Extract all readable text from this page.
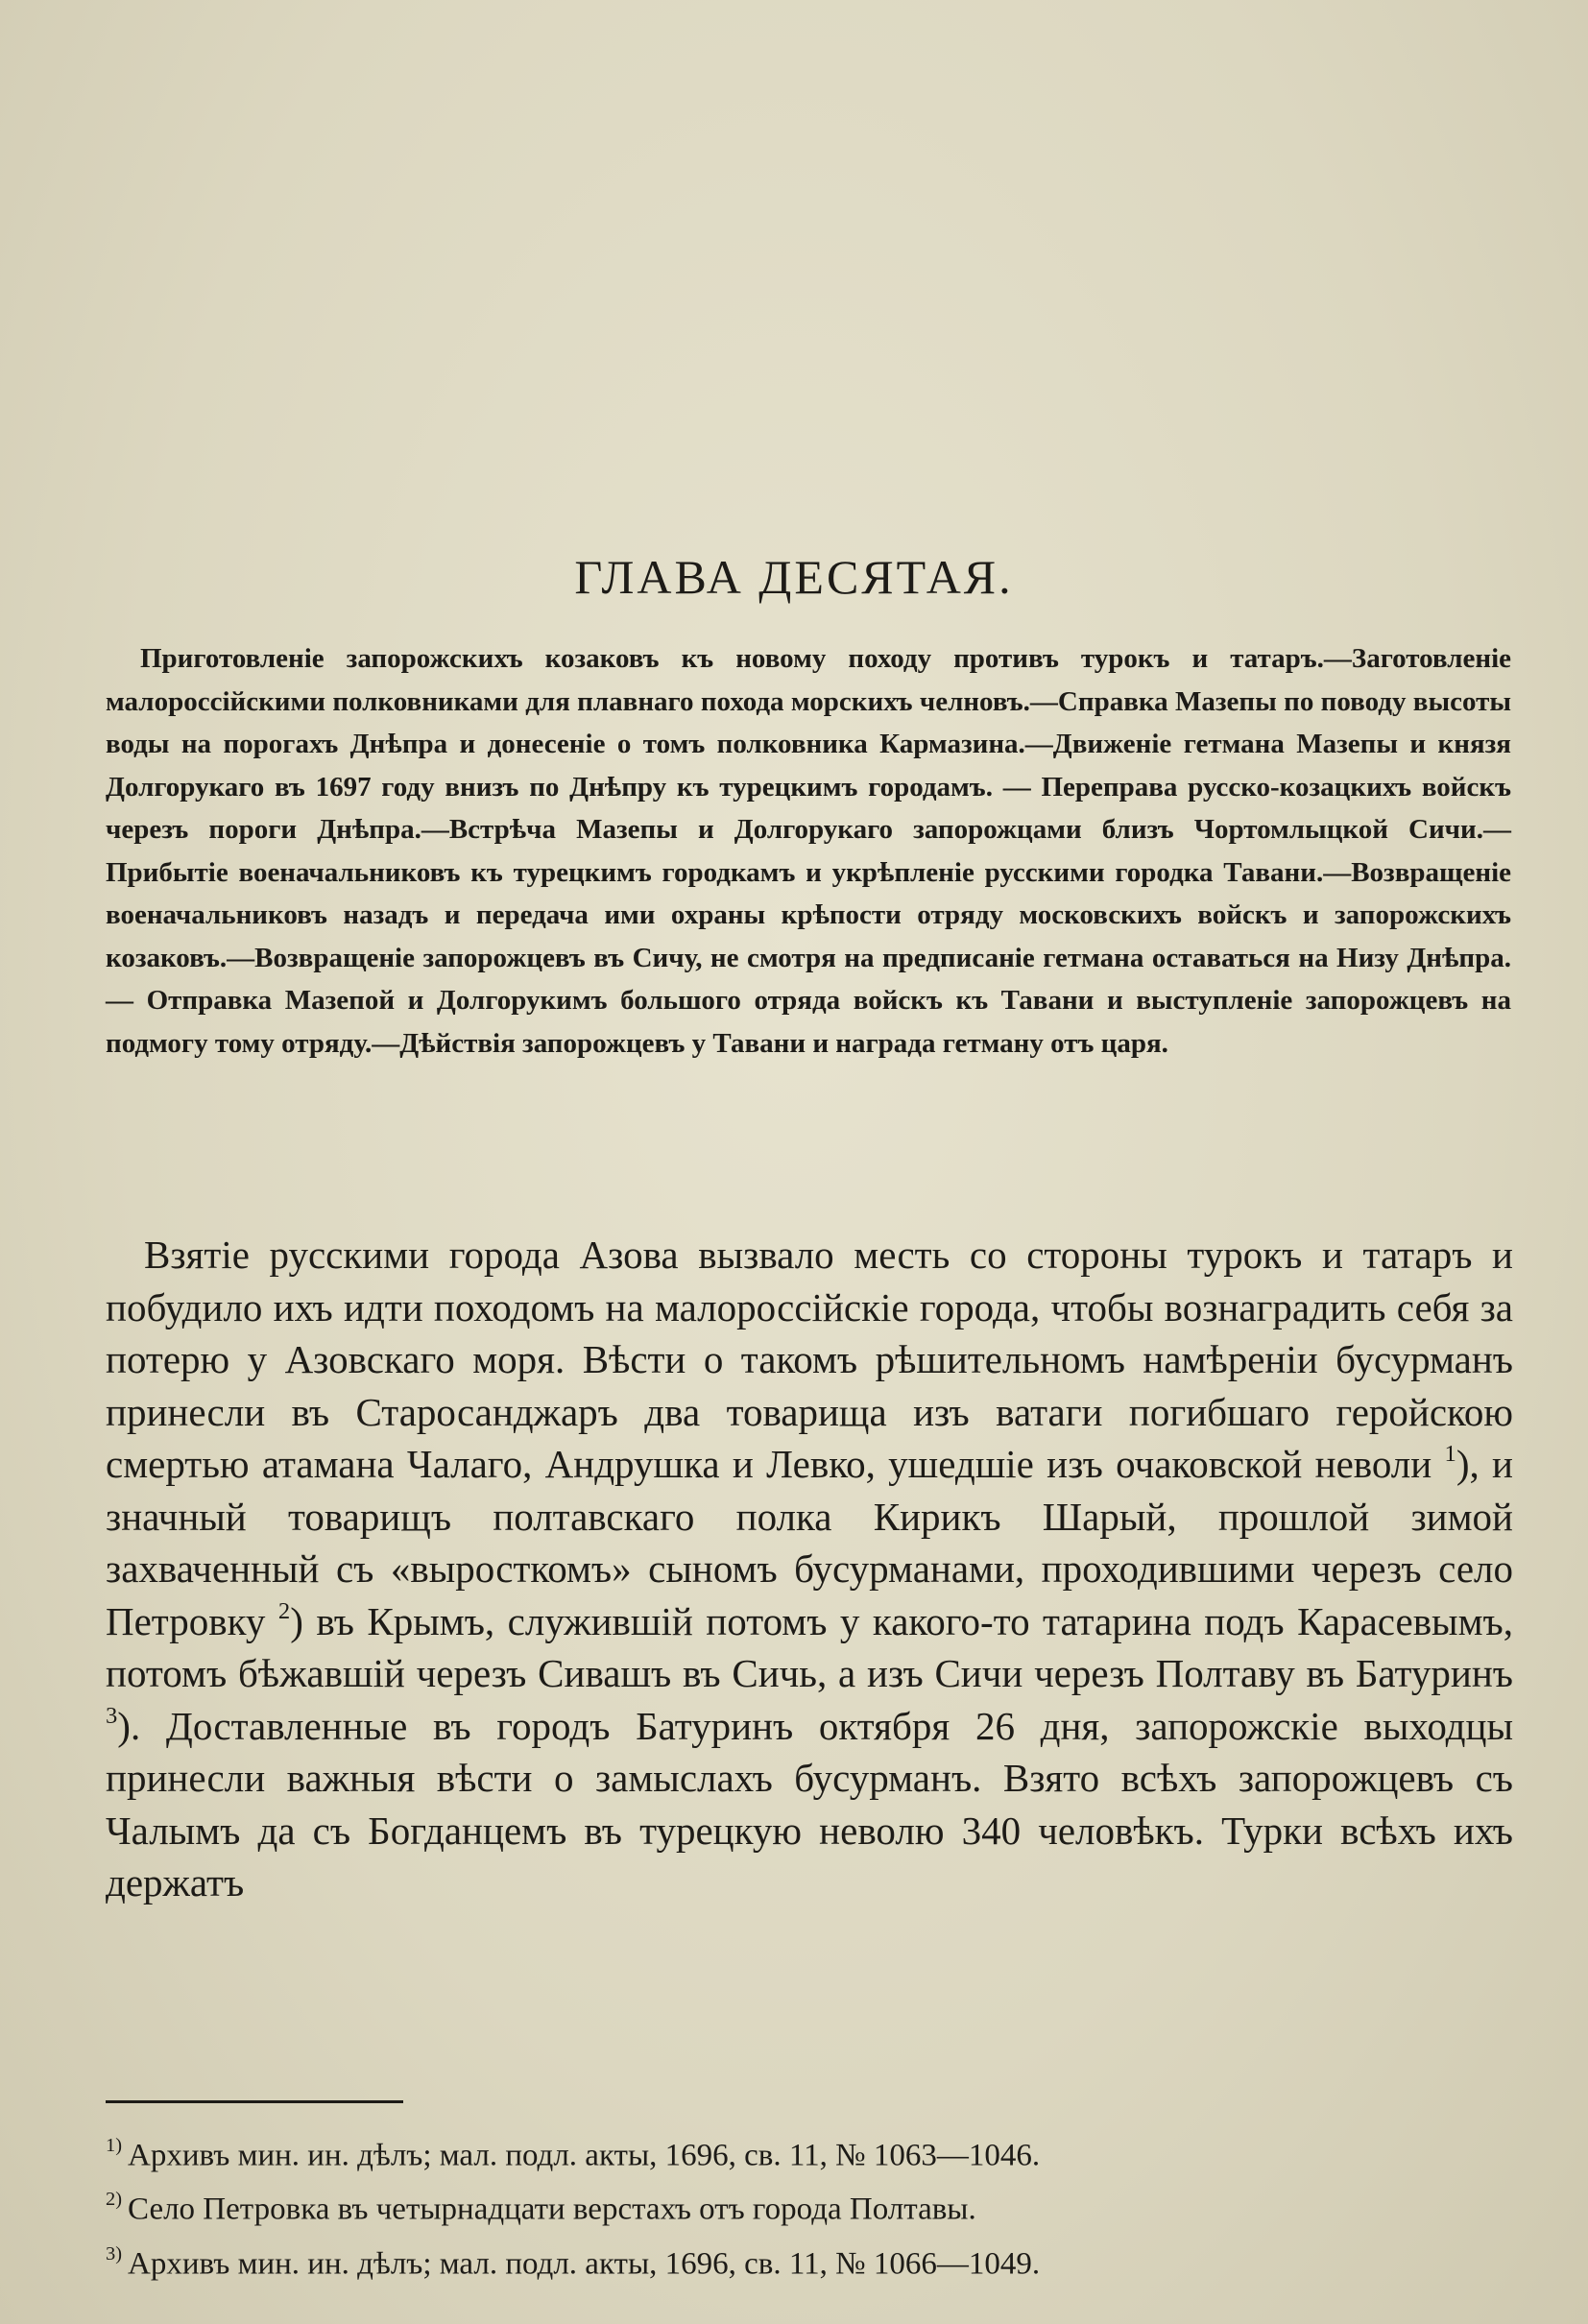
ГЛАВА ДЕСЯТАЯ.

Приготовленіе запорожскихъ козаковъ къ новому походу противъ турокъ и татаръ.—Заготовленіе малороссійскими полковниками для плавнаго похода морскихъ челновъ.—Справка Мазепы по поводу высоты воды на порогахъ Днѣпра и донесеніе о томъ полковника Кармазина.—Движеніе гетмана Мазепы и князя Долгорукаго въ 1697 году внизъ по Днѣпру къ турецкимъ городамъ. — Переправа русско-козацкихъ войскъ черезъ пороги Днѣпра.—Встрѣча Мазепы и Долгорукаго запорожцами близъ Чортомлыцкой Сичи.—Прибытіе военачальниковъ къ турецкимъ городкамъ и укрѣпленіе русскими городка Тавани.—Возвращеніе военачальниковъ назадъ и передача ими охраны крѣпости отряду московскихъ войскъ и запорожскихъ козаковъ.—Возвращеніе запорожцевъ въ Сичу, не смотря на предписаніе гетмана оставаться на Низу Днѣпра. — Отправка Мазепой и Долгорукимъ большого отряда войскъ къ Тавани и выступленіе запорожцевъ на подмогу тому отряду.—Дѣйствія запорожцевъ у Тавани и награда гетману отъ царя.

Взятіе русскими города Азова вызвало месть со стороны турокъ и татаръ и побудило ихъ идти походомъ на малороссійскіе города, чтобы вознаградить себя за потерю у Азовскаго моря. Вѣсти о такомъ рѣшительномъ намѣреніи бусурманъ принесли въ Старосанджаръ два товарища изъ ватаги погибшаго геройскою смертью атамана Чалаго, Андрушка и Левко, ушедшіе изъ очаковской неволи $^1$), и значный товарищъ полтавскаго полка Кирикъ Шарый, прошлой зимой захваченный съ «выросткомъ» сыномъ бусурманами, проходившими черезъ село Петровку $^2$) въ Крымъ, служившій потомъ у какого-то татарина подъ Карасевымъ, потомъ бѣжавшій черезъ Сивашъ въ Сичь, а изъ Сичи черезъ Полтаву въ Батуринъ $^3$). Доставленные въ городъ Батуринъ октября 26 дня, запорожскіе выходцы принесли важныя вѣсти о замыслахъ бусурманъ. Взято всѣхъ запорожцевъ съ Чалымъ да съ Богданцемъ въ турецкую неволю 340 человѣкъ. Турки всѣхъ ихъ держатъ

$^{1)}$ Архивъ мин. ин. дѣлъ; мал. подл. акты, 1696, св. 11, № 1063—1046.
$^{2)}$ Село Петровка въ четырнадцати верстахъ отъ города Полтавы.
$^{3)}$ Архивъ мин. ин. дѣлъ; мал. подл. акты, 1696, св. 11, № 1066—1049.
